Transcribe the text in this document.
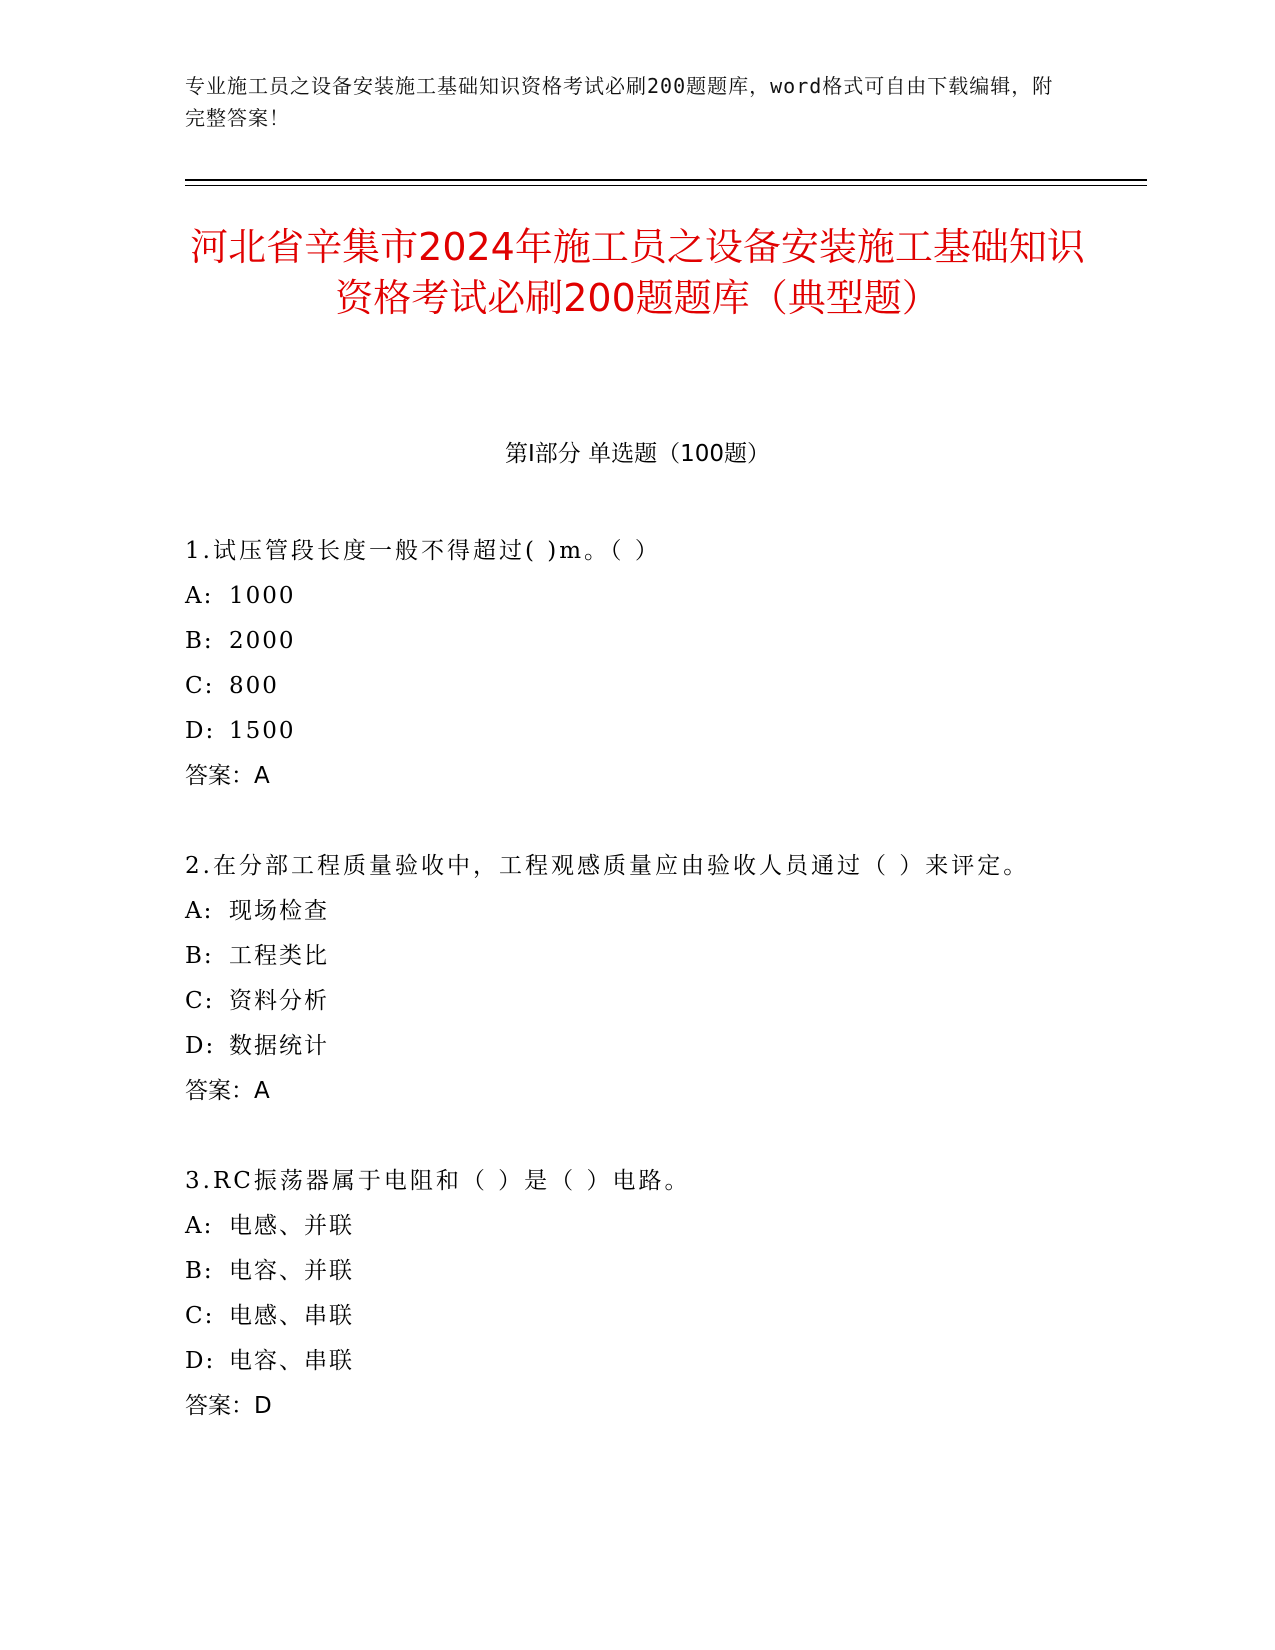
专业施工员之设备安装施工基础知识资格考试必刷200题题库，word格式可自由下载编辑，附完整答案！
河北省辛集市2024年施工员之设备安装施工基础知识资格考试必刷200题题库（典型题）
第I部分 单选题（100题）
1.试压管段长度一般不得超过( )m。（ ）
A: 1000
B: 2000
C: 800
D: 1500
答案：A
2.在分部工程质量验收中，工程观感质量应由验收人员通过（ ）来评定。
A: 现场检查
B: 工程类比
C: 资料分析
D: 数据统计
答案：A
3.RC振荡器属于电阻和（ ）是（ ）电路。
A: 电感、并联
B: 电容、并联
C: 电感、串联
D: 电容、串联
答案：D
